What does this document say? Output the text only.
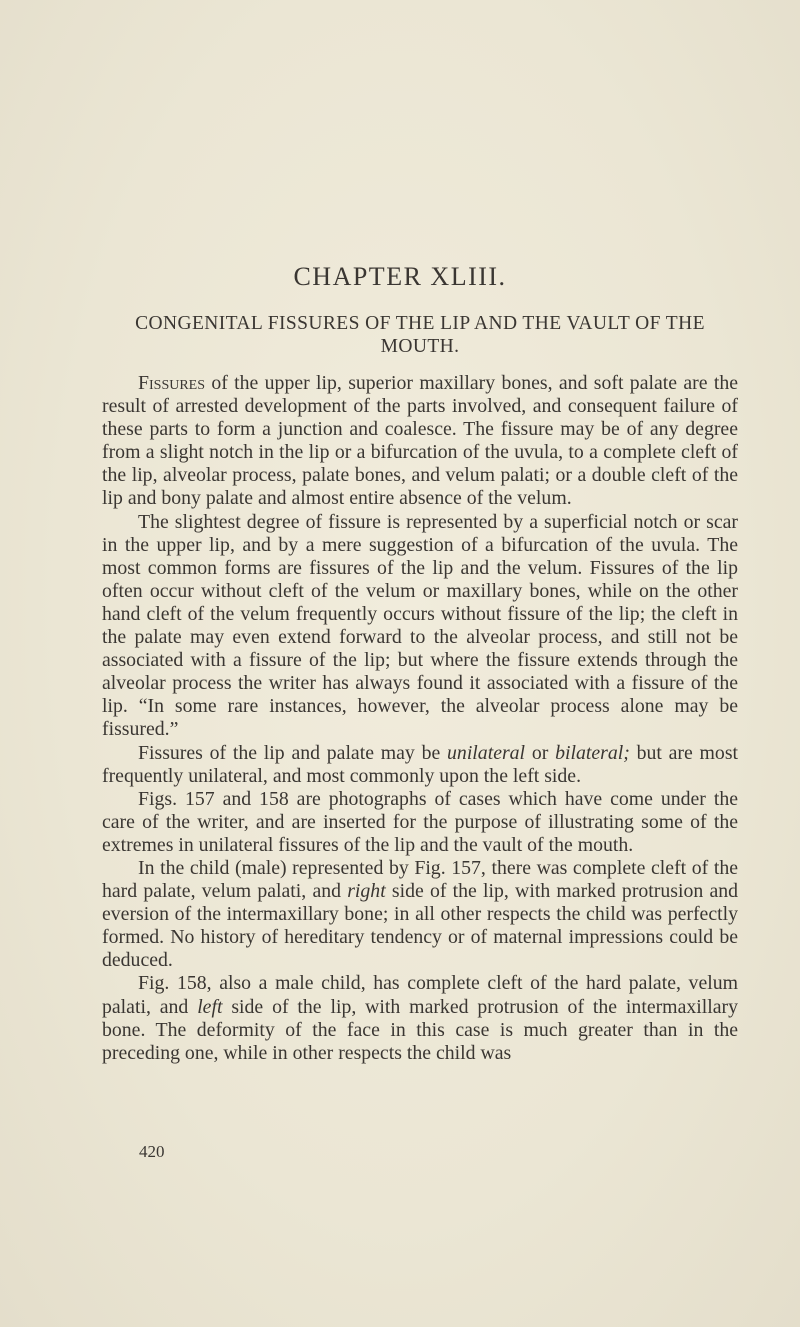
CHAPTER XLIII.
CONGENITAL FISSURES OF THE LIP AND THE VAULT OF THE MOUTH.

Fissures of the upper lip, superior maxillary bones, and soft palate are the result of arrested development of the parts involved, and consequent failure of these parts to form a junction and coalesce. The fissure may be of any degree from a slight notch in the lip or a bifurcation of the uvula, to a complete cleft of the lip, alveolar process, palate bones, and velum palati; or a double cleft of the lip and bony palate and almost entire absence of the velum.

The slightest degree of fissure is represented by a superficial notch or scar in the upper lip, and by a mere suggestion of a bifurcation of the uvula. The most common forms are fissures of the lip and the velum. Fissures of the lip often occur without cleft of the velum or maxillary bones, while on the other hand cleft of the velum frequently occurs without fissure of the lip; the cleft in the palate may even extend forward to the alveolar process, and still not be associated with a fissure of the lip; but where the fissure extends through the alveolar process the writer has always found it associated with a fissure of the lip. “In some rare instances, however, the alveolar process alone may be fissured.”

Fissures of the lip and palate may be unilateral or bilateral; but are most frequently unilateral, and most commonly upon the left side.

Figs. 157 and 158 are photographs of cases which have come under the care of the writer, and are inserted for the purpose of illustrating some of the extremes in unilateral fissures of the lip and the vault of the mouth.

In the child (male) represented by Fig. 157, there was complete cleft of the hard palate, velum palati, and right side of the lip, with marked protrusion and eversion of the intermaxillary bone; in all other respects the child was perfectly formed. No history of hereditary tendency or of maternal impressions could be deduced.

Fig. 158, also a male child, has complete cleft of the hard palate, velum palati, and left side of the lip, with marked protrusion of the intermaxillary bone. The deformity of the face in this case is much greater than in the preceding one, while in other respects the child was

420
